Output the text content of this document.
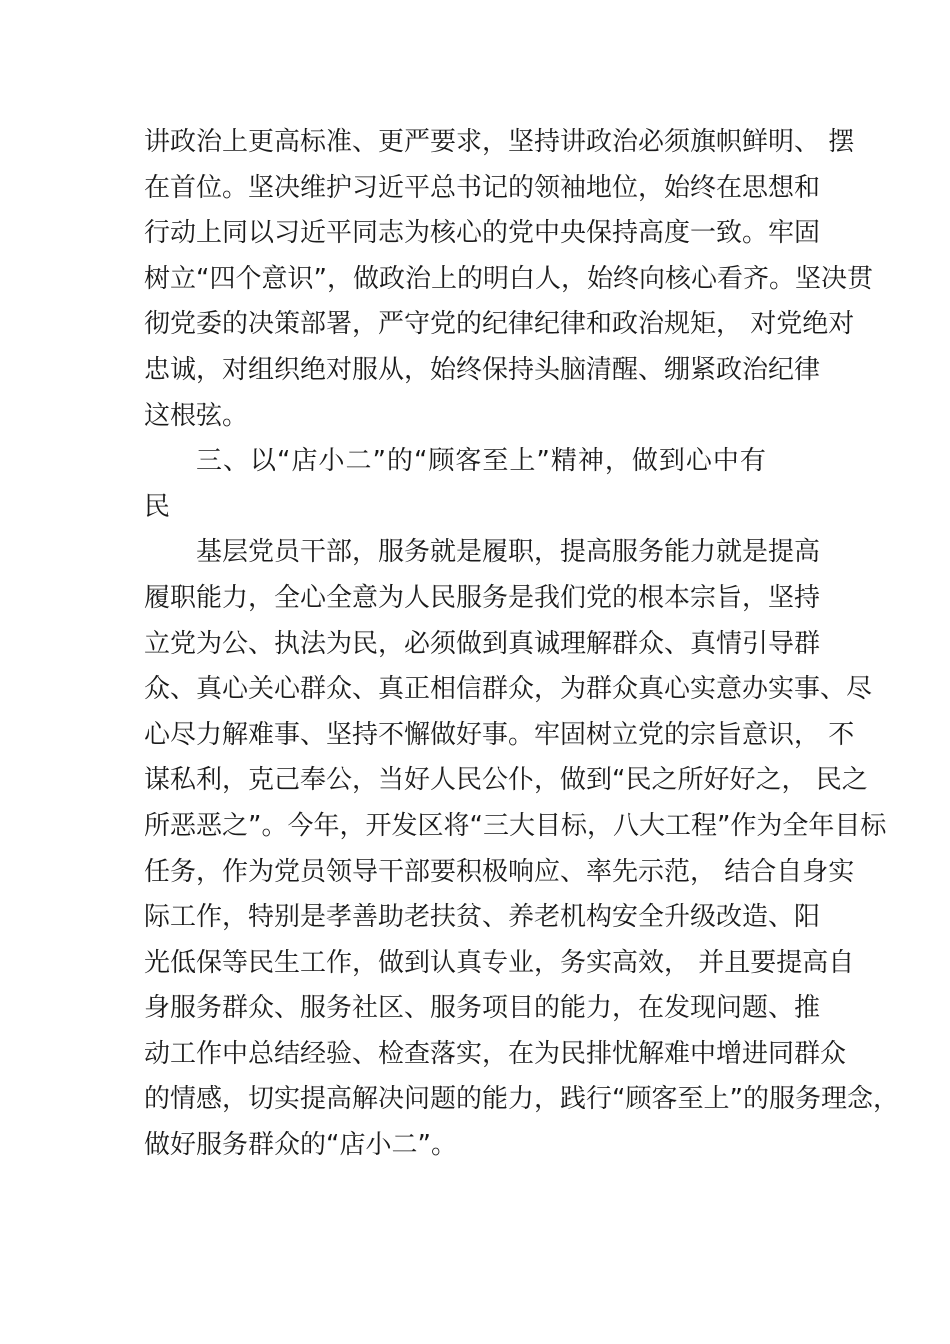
讲政治上更高标准、更严要求，坚持讲政治必须旗帜鲜明、 摆
在首位。坚决维护习近平总书记的领袖地位，始终在思想和
行动上同以习近平同志为核心的党中央保持高度一致。牢固
树立“四个意识”，做政治上的明白人，始终向核心看齐。坚决贯
彻党委的决策部署，严守党的纪律纪律和政治规矩， 对党绝对
忠诚，对组织绝对服从，始终保持头脑清醒、绷紧政治纪律
这根弦。
三、以“店小二”的“顾客至上”精神，做到心中有
民
基层党员干部，服务就是履职，提高服务能力就是提高
履职能力，全心全意为人民服务是我们党的根本宗旨，坚持
立党为公、执法为民，必须做到真诚理解群众、真情引导群
众、真心关心群众、真正相信群众，为群众真心实意办实事、尽
心尽力解难事、坚持不懈做好事。牢固树立党的宗旨意识， 不
谋私利，克己奉公，当好人民公仆，做到“民之所好好之， 民之
所恶恶之”。今年，开发区将“三大目标，八大工程”作为全年目标
任务，作为党员领导干部要积极响应、率先示范， 结合自身实
际工作，特别是孝善助老扶贫、养老机构安全升级改造、阳
光低保等民生工作，做到认真专业，务实高效， 并且要提高自
身服务群众、服务社区、服务项目的能力，在发现问题、推
动工作中总结经验、检查落实，在为民排忧解难中增进同群众
的情感，切实提高解决问题的能力，践行“顾客至上”的服务理念，
做好服务群众的“店小二”。
